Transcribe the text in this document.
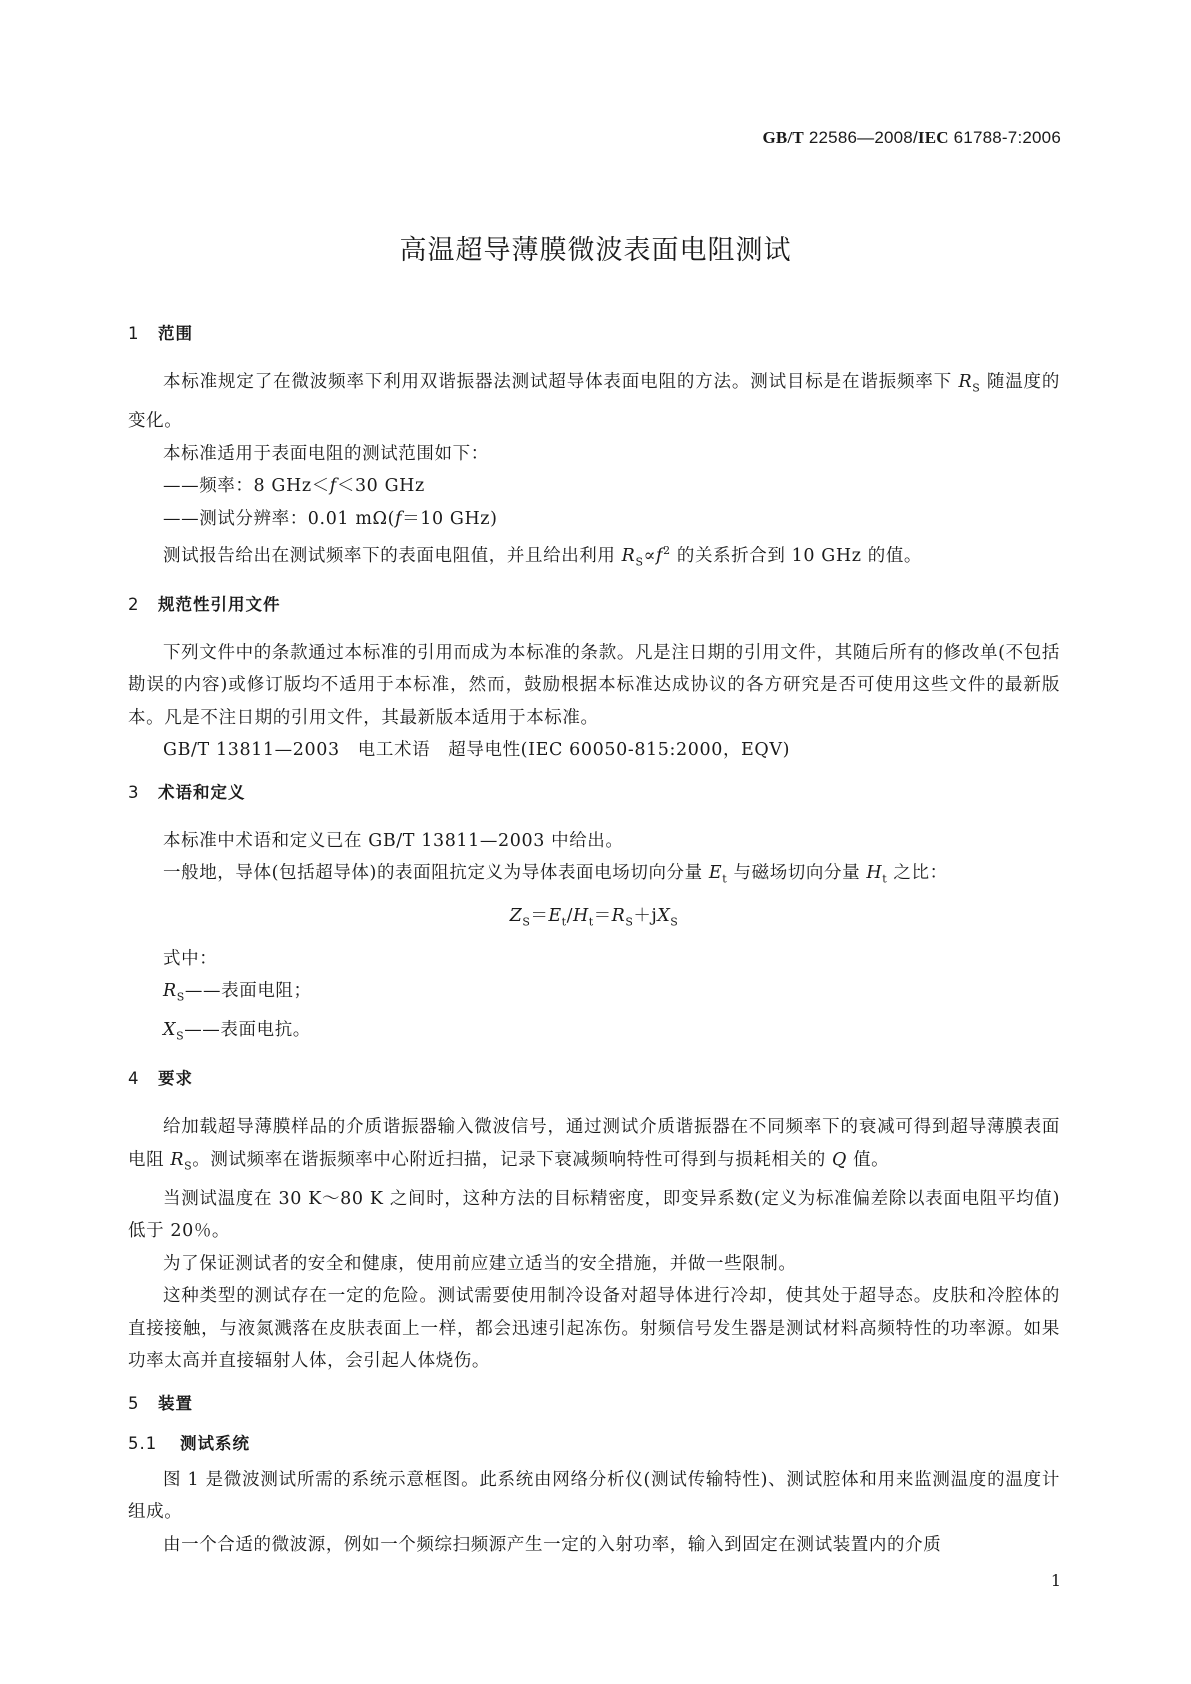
GB/T 22586—2008/IEC 61788-7:2006
高温超导薄膜微波表面电阻测试
1 范围

本标准规定了在微波频率下利用双谐振器法测试超导体表面电阻的方法。测试目标是在谐振频率下 $R_S$ 随温度的变化。

本标准适用于表面电阻的测试范围如下：

——频率：8 GHz＜f＜30 GHz

——测试分辨率：0.01 mΩ(f＝10 GHz)

测试报告给出在测试频率下的表面电阻值，并且给出利用 $R_S\propto f^2$ 的关系折合到 10 GHz 的值。

2 规范性引用文件

下列文件中的条款通过本标准的引用而成为本标准的条款。凡是注日期的引用文件，其随后所有的修改单(不包括勘误的内容)或修订版均不适用于本标准，然而，鼓励根据本标准达成协议的各方研究是否可使用这些文件的最新版本。凡是不注日期的引用文件，其最新版本适用于本标准。

GB/T 13811—2003　电工术语　超导电性(IEC 60050-815:2000，EQV)

3 术语和定义

本标准中术语和定义已在 GB/T 13811—2003 中给出。

一般地，导体(包括超导体)的表面阻抗定义为导体表面电场切向分量 $E_t$ 与磁场切向分量 $H_t$ 之比：

$Z_S=E_t/H_t=R_S+jX_S$

式中：

$R_S——$表面电阻；

$X_S——$表面电抗。

4 要求

给加载超导薄膜样品的介质谐振器输入微波信号，通过测试介质谐振器在不同频率下的衰减可得到超导薄膜表面电阻 $R_S$。测试频率在谐振频率中心附近扫描，记录下衰减频响特性可得到与损耗相关的 Q 值。

当测试温度在 30 K～80 K 之间时，这种方法的目标精密度，即变异系数(定义为标准偏差除以表面电阻平均值)低于 20％。

为了保证测试者的安全和健康，使用前应建立适当的安全措施，并做一些限制。

这种类型的测试存在一定的危险。测试需要使用制冷设备对超导体进行冷却，使其处于超导态。皮肤和冷腔体的直接接触，与液氮溅落在皮肤表面上一样，都会迅速引起冻伤。射频信号发生器是测试材料高频特性的功率源。如果功率太高并直接辐射人体，会引起人体烧伤。

5 装置
5.1 测试系统

图 1 是微波测试所需的系统示意框图。此系统由网络分析仪(测试传输特性)、测试腔体和用来监测温度的温度计组成。

由一个合适的微波源，例如一个频综扫频源产生一定的入射功率，输入到固定在测试装置内的介质

1
